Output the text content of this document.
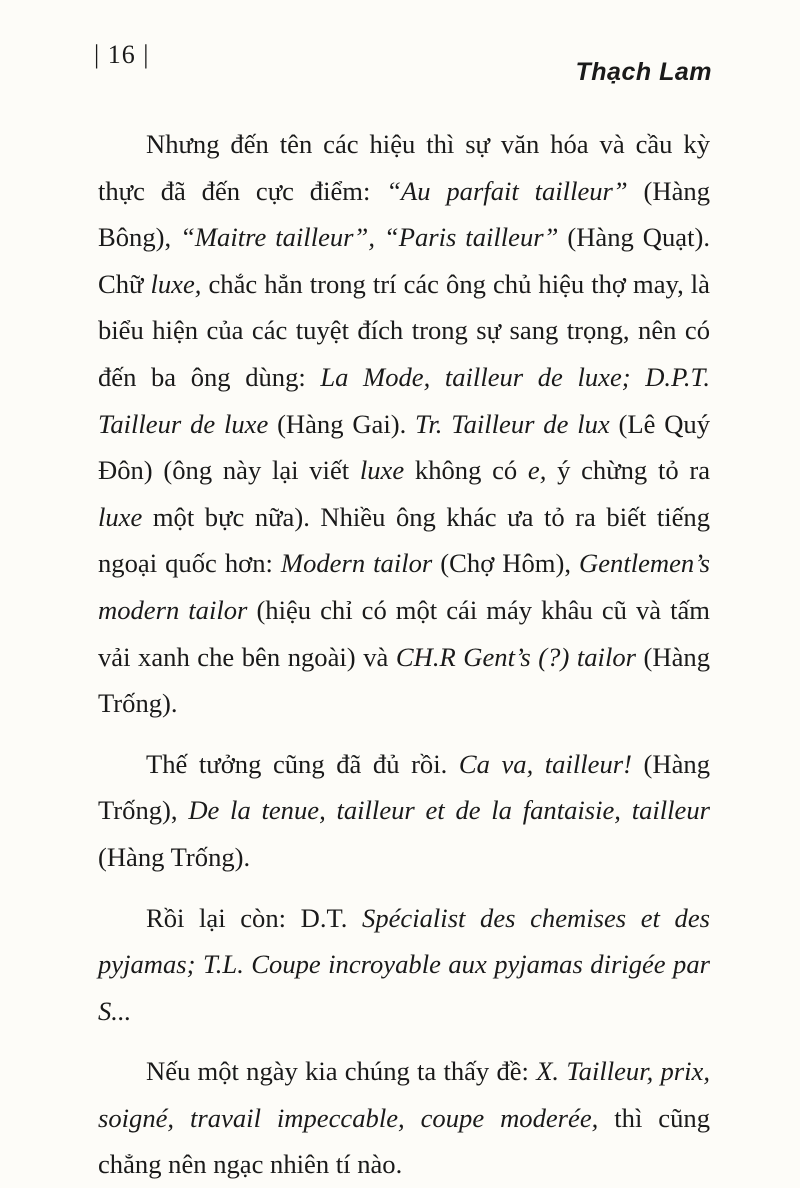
| 16 |
Thạch Lam

Nhưng đến tên các hiệu thì sự văn hóa và cầu kỳ thực đã đến cực điểm: “Au parfait tailleur” (Hàng Bông), “Maitre tailleur”, “Paris tailleur” (Hàng Quạt). Chữ luxe, chắc hẳn trong trí các ông chủ hiệu thợ may, là biểu hiện của các tuyệt đích trong sự sang trọng, nên có đến ba ông dùng: La Mode, tailleur de luxe; D.P.T. Tailleur de luxe (Hàng Gai). Tr. Tailleur de lux (Lê Quý Đôn) (ông này lại viết luxe không có e, ý chừng tỏ ra luxe một bực nữa). Nhiều ông khác ưa tỏ ra biết tiếng ngoại quốc hơn: Modern tailor (Chợ Hôm), Gentlemen’s modern tailor (hiệu chỉ có một cái máy khâu cũ và tấm vải xanh che bên ngoài) và CH.R Gent’s (?) tailor (Hàng Trống).

Thế tưởng cũng đã đủ rồi. Ca va, tailleur! (Hàng Trống), De la tenue, tailleur et de la fantaisie, tailleur (Hàng Trống).

Rồi lại còn: D.T. Spécialist des chemises et des pyjamas; T.L. Coupe incroyable aux pyjamas dirigée par S...

Nếu một ngày kia chúng ta thấy đề: X. Tailleur, prix, soigné, travail impeccable, coupe moderée, thì cũng chẳng nên ngạc nhiên tí nào.
